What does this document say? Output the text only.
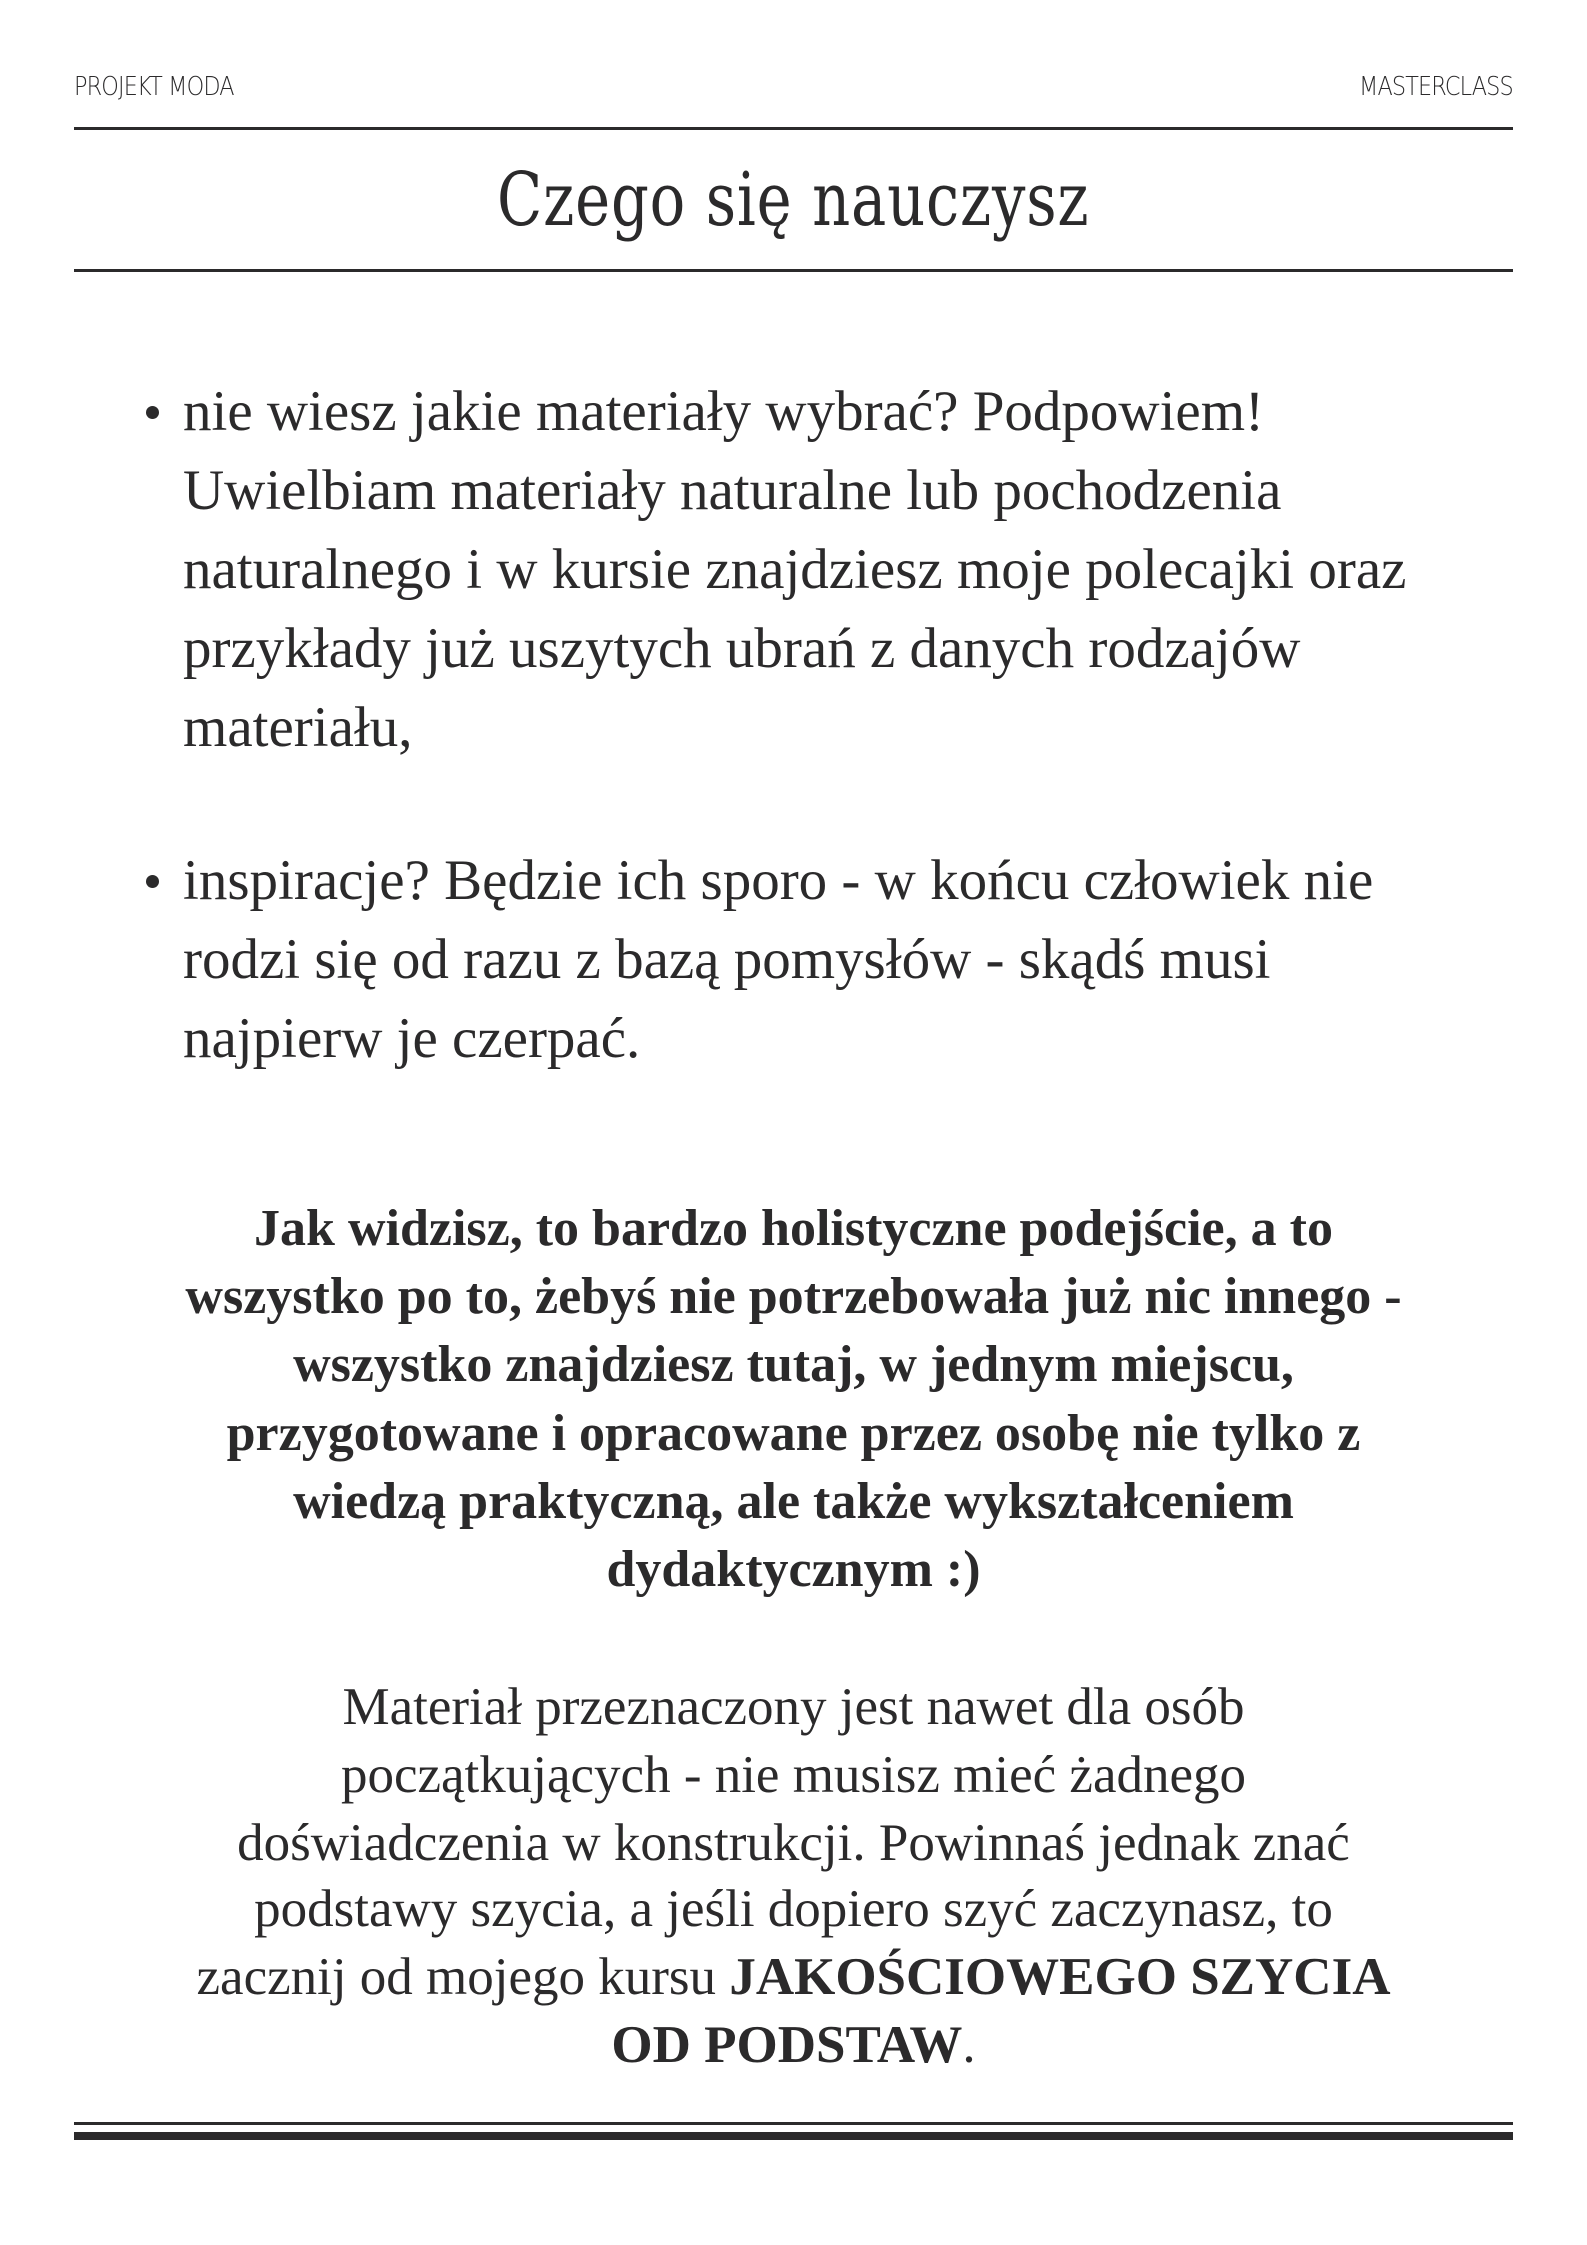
PROJEKT MODA	MASTERCLASS
Czego się nauczysz
nie wiesz jakie materiały wybrać? Podpowiem!
Uwielbiam materiały naturalne lub pochodzenia
naturalnego i w kursie znajdziesz moje polecajki oraz
przykłady już uszytych ubrań z danych rodzajów
materiału,
inspiracje? Będzie ich sporo - w końcu człowiek nie
rodzi się od razu z bazą pomysłów - skądś musi
najpierw je czerpać.
Jak widzisz, to bardzo holistyczne podejście, a to
wszystko po to, żebyś nie potrzebowała już nic innego -
wszystko znajdziesz tutaj, w jednym miejscu,
przygotowane i opracowane przez osobę nie tylko z
wiedzą praktyczną, ale także wykształceniem
dydaktycznym :)
Materiał przeznaczony jest nawet dla osób
początkujących - nie musisz mieć żadnego
doświadczenia w konstrukcji. Powinnaś jednak znać
podstawy szycia, a jeśli dopiero szyć zaczynasz, to
zacznij od mojego kursu JAKOŚCIOWEGO SZYCIA
OD PODSTAW.
